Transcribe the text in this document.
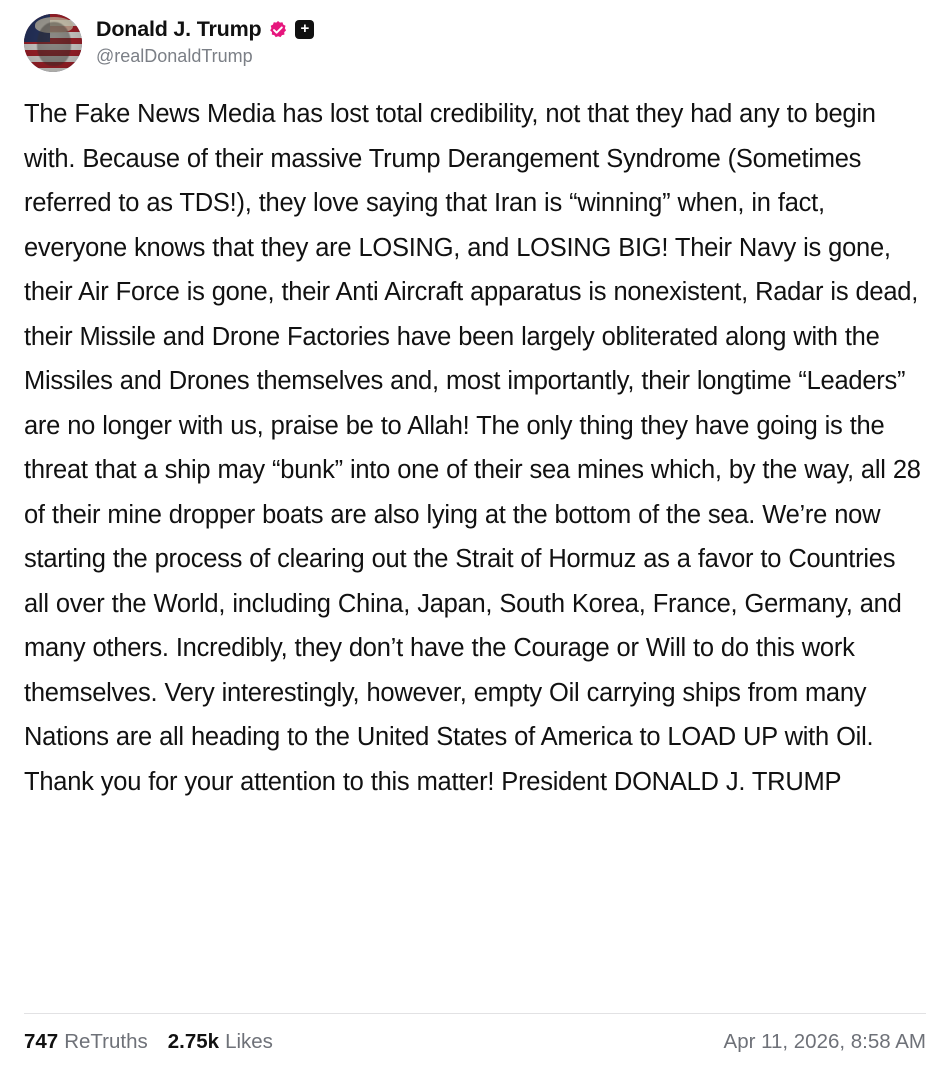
Donald J. Trump	+
@realDonaldTrump
The Fake News Media has lost total credibility, not that they had any to begin with. Because of their massive Trump Derangement Syndrome (Sometimes referred to as TDS!), they love saying that Iran is “winning” when, in fact, everyone knows that they are LOSING, and LOSING BIG! Their Navy is gone, their Air Force is gone, their Anti Aircraft apparatus is nonexistent, Radar is dead, their Missile and Drone Factories have been largely obliterated along with the Missiles and Drones themselves and, most importantly, their longtime “Leaders” are no longer with us, praise be to Allah! The only thing they have going is the threat that a ship may “bunk” into one of their sea mines which, by the way, all 28 of their mine dropper boats are also lying at the bottom of the sea. We’re now starting the process of clearing out the Strait of Hormuz as a favor to Countries all over the World, including China, Japan, South Korea, France, Germany, and many others. Incredibly, they don’t have the Courage or Will to do this work themselves. Very interestingly, however, empty Oil carrying ships from many Nations are all heading to the United States of America to LOAD UP with Oil. Thank you for your attention to this matter! President DONALD J. TRUMP
747 ReTruths 2.75k Likes	Apr 11, 2026, 8:58 AM
